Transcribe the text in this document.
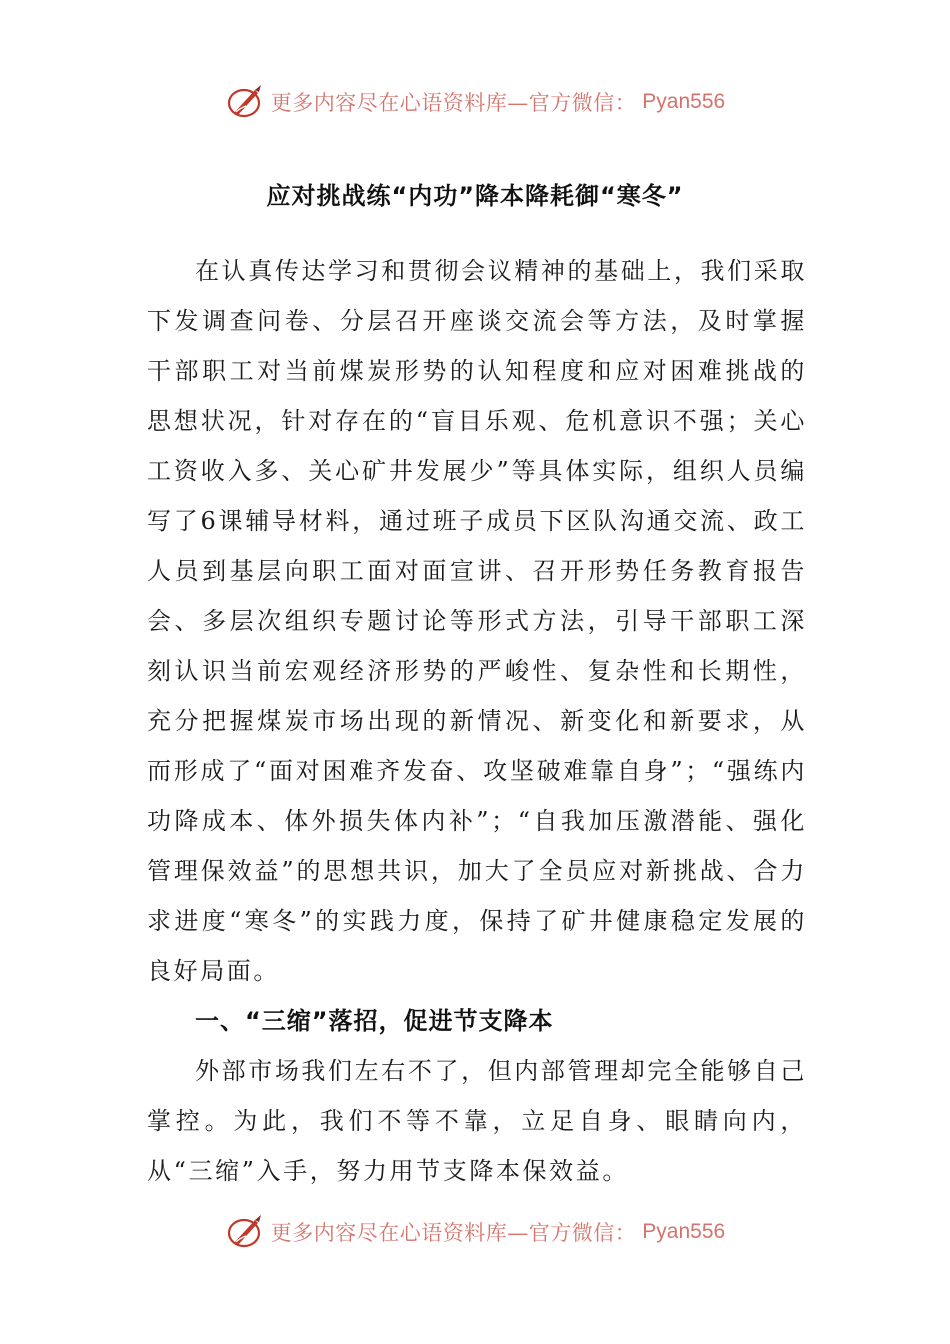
更多内容尽在心语资料库—官方微信： Pyan556
应对挑战练“内功”降本降耗御“寒冬”

在认真传达学习和贯彻会议精神的基础上，我们采取下发调查问卷、分层召开座谈交流会等方法，及时掌握干部职工对当前煤炭形势的认知程度和应对困难挑战的思想状况，针对存在的“盲目乐观、危机意识不强；关心工资收入多、关心矿井发展少”等具体实际，组织人员编写了6课辅导材料，通过班子成员下区队沟通交流、政工人员到基层向职工面对面宣讲、召开形势任务教育报告会、多层次组织专题讨论等形式方法，引导干部职工深刻认识当前宏观经济形势的严峻性、复杂性和长期性，充分把握煤炭市场出现的新情况、新变化和新要求，从而形成了“面对困难齐发奋、攻坚破难靠自身”；“强练内功降成本、体外损失体内补”；“自我加压激潜能、强化管理保效益”的思想共识，加大了全员应对新挑战、合力求进度“寒冬”的实践力度，保持了矿井健康稳定发展的良好局面。

一、“三缩”落招，促进节支降本

外部市场我们左右不了，但内部管理却完全能够自己掌控。为此，我们不等不靠，立足自身、眼睛向内，从“三缩”入手，努力用节支降本保效益。

更多内容尽在心语资料库—官方微信： Pyan556
